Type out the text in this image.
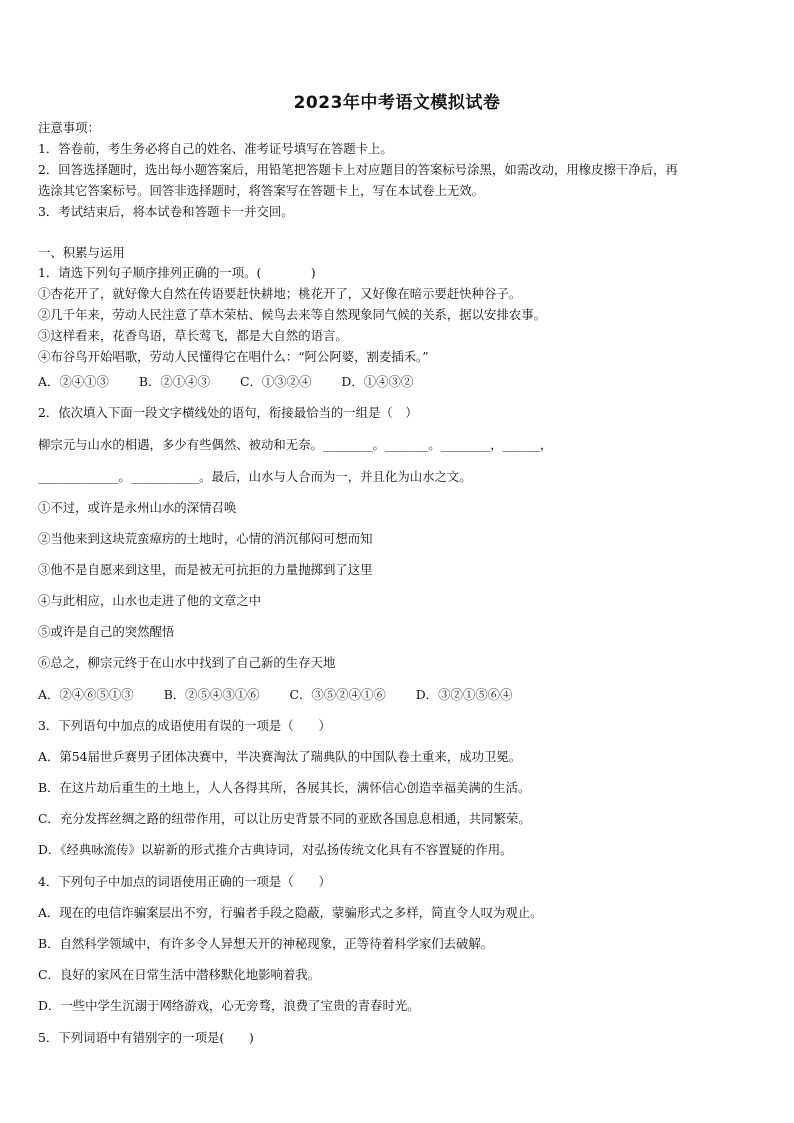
2023年中考语文模拟试卷
注意事项：
1．答卷前，考生务必将自己的姓名、准考证号填写在答题卡上。
2．回答选择题时，选出每小题答案后，用铅笔把答题卡上对应题目的答案标号涂黑，如需改动，用橡皮擦干净后，再
选涂其它答案标号。回答非选择题时，将答案写在答题卡上，写在本试卷上无效。
3．考试结束后，将本试卷和答题卡一并交回。
一、积累与运用
1．请选下列句子顺序排列正确的一项。(　　　　)
①杏花开了，就好像大自然在传语要赶快耕地；桃花开了，又好像在暗示要赶快种谷子。
②几千年来，劳动人民注意了草木荣枯、候鸟去来等自然现象同气候的关系，据以安排农事。
③这样看来，花香鸟语，草长莺飞，都是大自然的语言。
④布谷鸟开始唱歌，劳动人民懂得它在唱什么：“阿公阿婆，割麦插禾。”
A．②④①③ B．②①④③ C．①③②④ D．①④③②
2．依次填入下面一段文字横线处的语句，衔接最恰当的一组是（　）
柳宗元与山水的相遇，多少有些偶然、被动和无奈。________。_______。________，______，
_____________。___________。最后，山水与人合而为一，并且化为山水之文。
①不过，或许是永州山水的深情召唤
②当他来到这块荒蛮瘴疠的土地时，心情的消沉郁闷可想而知
③他不是自愿来到这里，而是被无可抗拒的力量抛掷到了这里
④与此相应，山水也走进了他的文章之中
⑤或许是自己的突然醒悟
⑥总之，柳宗元终于在山水中找到了自己新的生存天地
A．②④⑥⑤①③ B．②⑤④③①⑥ C．③⑤②④①⑥ D．③②①⑤⑥④
3．下列语句中加点的成语使用有误的一项是（　　）
A．第54届世乒赛男子团体决赛中，半决赛淘汰了瑞典队的中国队卷土重来，成功卫冕。
B．在这片劫后重生的土地上，人人各得其所，各展其长，满怀信心创造幸福美满的生活。
C．充分发挥丝绸之路的纽带作用，可以让历史背景不同的亚欧各国息息相通，共同繁荣。
D．《经典咏流传》以崭新的形式推介古典诗词，对弘扬传统文化具有不容置疑的作用。
4．下列句子中加点的词语使用正确的一项是（　　）
A．现在的电信诈骗案层出不穷，行骗者手段之隐蔽，蒙骗形式之多样，简直令人叹为观止。
B．自然科学领域中，有许多令人异想天开的神秘现象，正等待着科学家们去破解。
C．良好的家风在日常生活中潜移默化地影响着我。
D．一些中学生沉溺于网络游戏，心无旁骛，浪费了宝贵的青春时光。
5．下列词语中有错别字的一项是(　　)
